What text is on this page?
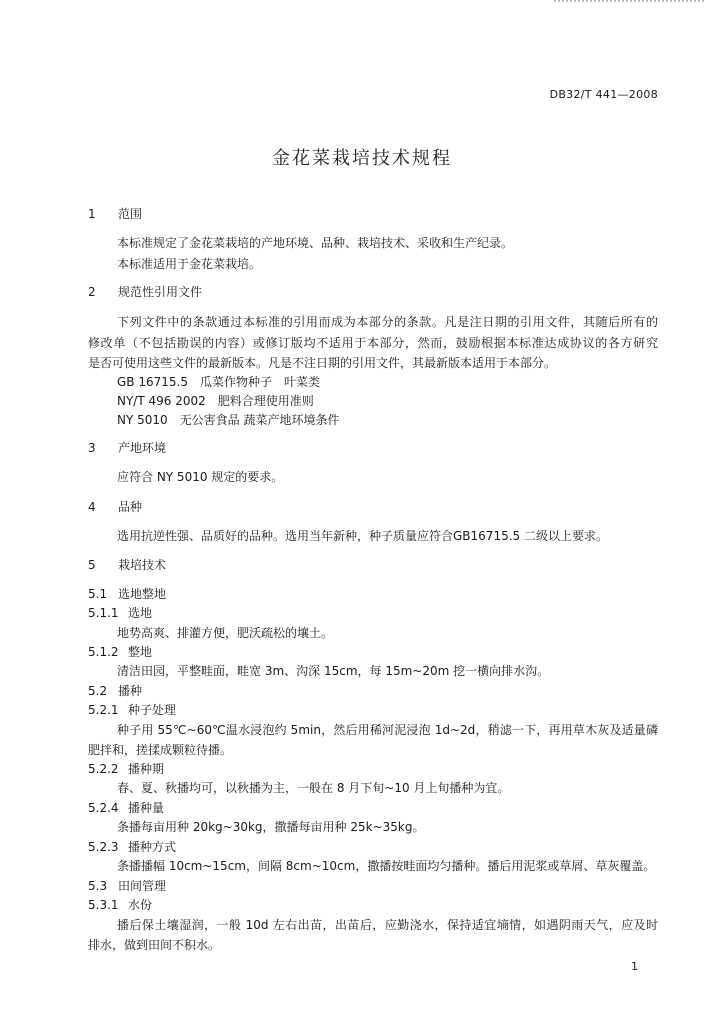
DB32/T 441—2008
金花菜栽培技术规程
1 范围
本标准规定了金花菜栽培的产地环境、品种、栽培技术、采收和生产纪录。
本标准适用于金花菜栽培。
2 规范性引用文件
下列文件中的条款通过本标准的引用而成为本部分的条款。凡是注日期的引用文件，其随后所有的
修改单（不包括勘误的内容）或修订版均不适用于本部分，然而，鼓励根据本标准达成协议的各方研究
是否可使用这些文件的最新版本。凡是不注日期的引用文件，其最新版本适用于本部分。
GB 16715.5　瓜菜作物种子　叶菜类
NY/T 496 2002　肥料合理使用准则
NY 5010　无公害食品 蔬菜产地环境条件
3 产地环境
应符合 NY 5010 规定的要求。
4 品种
选用抗逆性强、品质好的品种。选用当年新种，种子质量应符合GB16715.5 二级以上要求。
5 栽培技术
5.1 选地整地
5.1.1 选地
地势高爽、排灌方便，肥沃疏松的壤土。
5.1.2 整地
清洁田园，平整畦面，畦宽 3m、沟深 15cm，每 15m~20m 挖一横向排水沟。
5.2 播种
5.2.1 种子处理
种子用 55℃~60℃温水浸泡约 5min，然后用稀河泥浸泡 1d~2d，稍滤一下，再用草木灰及适量磷
肥拌和，搓揉成颗粒待播。
5.2.2 播种期
春、夏、秋播均可，以秋播为主，一般在 8 月下旬~10 月上旬播种为宜。
5.2.4 播种量
条播每亩用种 20kg~30kg，撒播每亩用种 25k~35kg。
5.2.3 播种方式
条播播幅 10cm~15cm，间隔 8cm~10cm，撒播按畦面均匀播种。播后用泥浆或草屑、草灰覆盖。
5.3 田间管理
5.3.1 水份
播后保土壤湿润，一般 10d 左右出苗，出苗后，应勤浇水，保持适宜墒情，如遇阴雨天气，应及时
排水，做到田间不积水。
1
